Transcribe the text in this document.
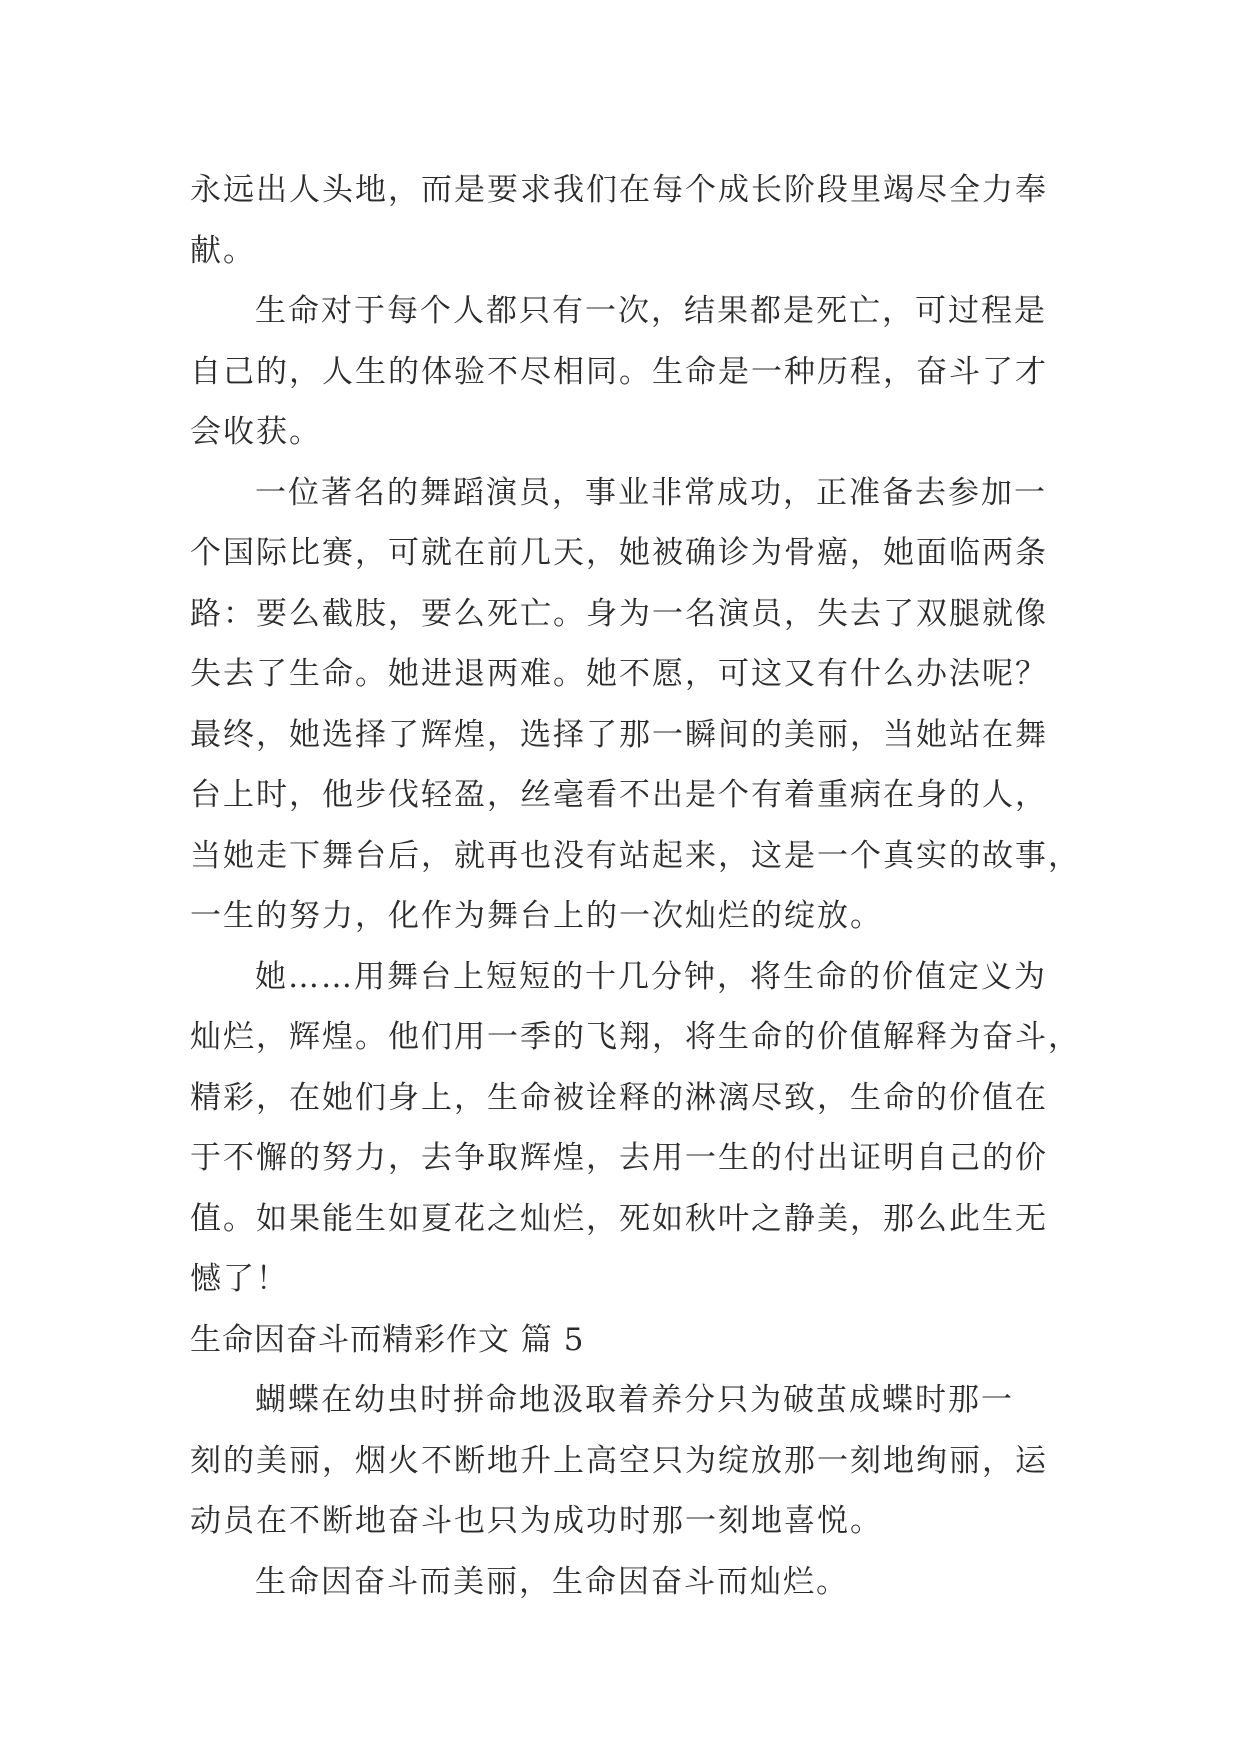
永远出人头地，而是要求我们在每个成长阶段里竭尽全力奉
献。
生命对于每个人都只有一次，结果都是死亡，可过程是
自己的，人生的体验不尽相同。生命是一种历程，奋斗了才
会收获。
一位著名的舞蹈演员，事业非常成功，正准备去参加一
个国际比赛，可就在前几天，她被确诊为骨癌，她面临两条
路：要么截肢，要么死亡。身为一名演员，失去了双腿就像
失去了生命。她进退两难。她不愿，可这又有什么办法呢？
最终，她选择了辉煌，选择了那一瞬间的美丽，当她站在舞
台上时，他步伐轻盈，丝毫看不出是个有着重病在身的人，
当她走下舞台后，就再也没有站起来，这是一个真实的故事，
一生的努力，化作为舞台上的一次灿烂的绽放。
她……用舞台上短短的十几分钟，将生命的价值定义为
灿烂，辉煌。他们用一季的飞翔，将生命的价值解释为奋斗，
精彩，在她们身上，生命被诠释的淋漓尽致，生命的价值在
于不懈的努力，去争取辉煌，去用一生的付出证明自己的价
值。如果能生如夏花之灿烂，死如秋叶之静美，那么此生无
憾了！
生命因奋斗而精彩作文 篇 5
蝴蝶在幼虫时拼命地汲取着养分只为破茧成蝶时那一
刻的美丽，烟火不断地升上高空只为绽放那一刻地绚丽，运
动员在不断地奋斗也只为成功时那一刻地喜悦。
生命因奋斗而美丽，生命因奋斗而灿烂。
